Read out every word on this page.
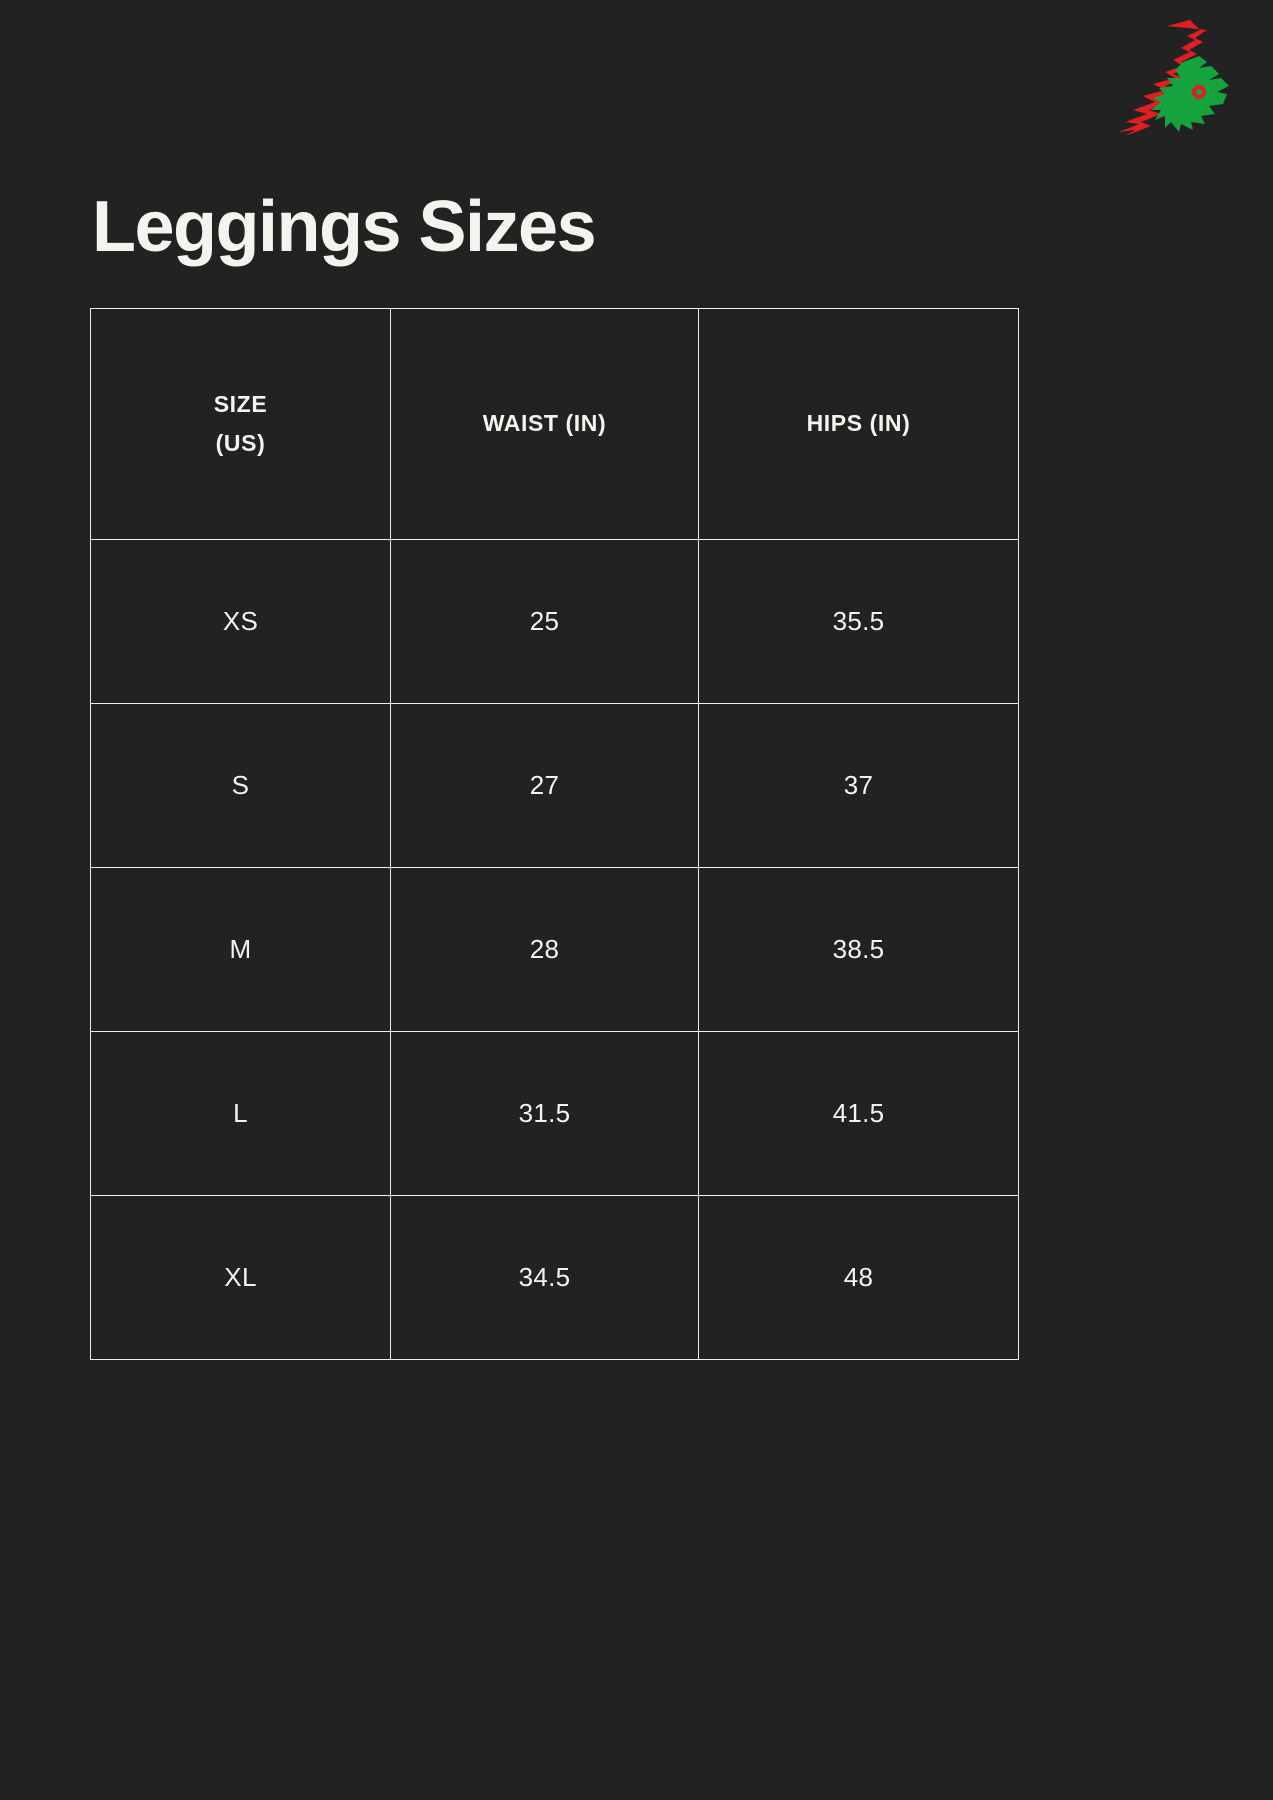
Leggings Sizes
SIZE
(US)	WAIST (IN)	HIPS (IN)
XS	25	35.5
S	27	37
M	28	38.5
L	31.5	41.5
XL	34.5	48
